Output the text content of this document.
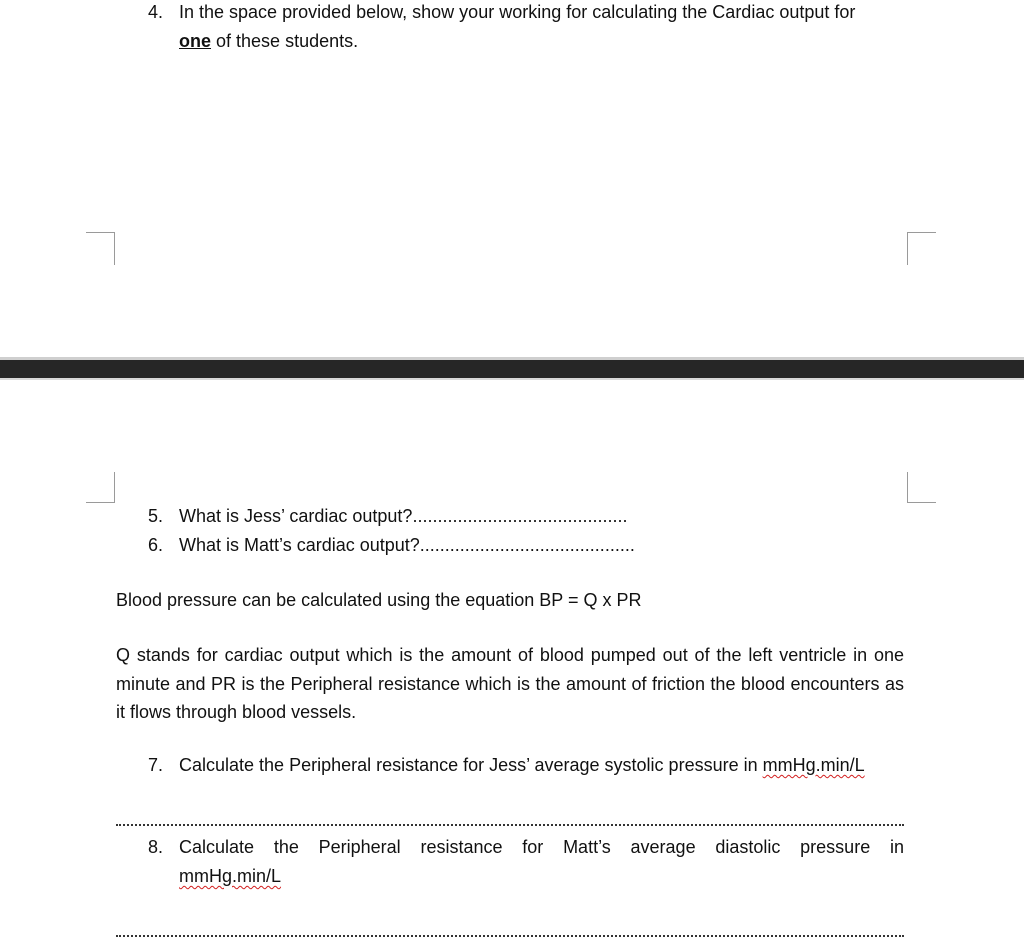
4. In the space provided below, show your working for calculating the Cardiac output for
one of these students.
5. What is Jess’ cardiac output?...........................................
6. What is Matt’s cardiac output?...........................................
Blood pressure can be calculated using the equation BP = Q x PR
Q stands for cardiac output which is the amount of blood pumped out of the left ventricle in one minute and PR is the Peripheral resistance which is the amount of friction the blood encounters as it flows through blood vessels.
7. Calculate the Peripheral resistance for Jess’ average systolic pressure in mmHg.min/L
8. Calculate the Peripheral resistance for Matt’s average diastolic pressure in
mmHg.min/L
